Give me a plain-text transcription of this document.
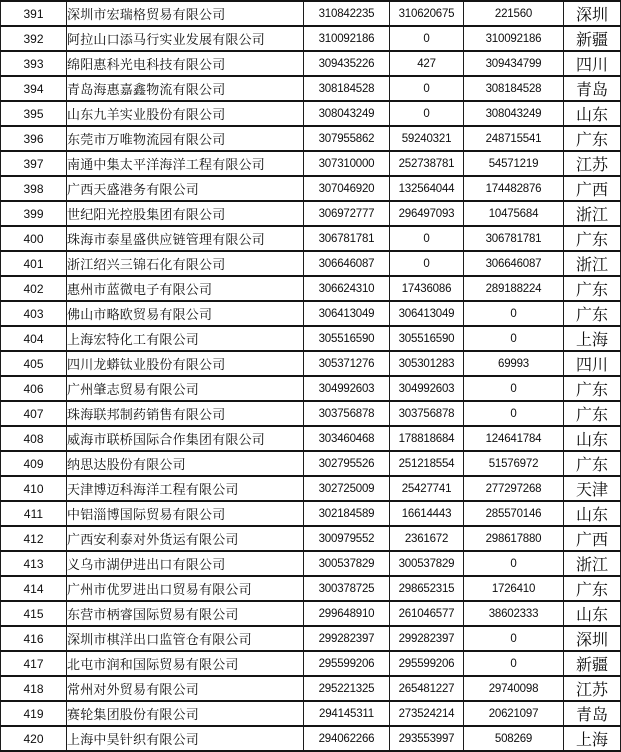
391	深圳市宏瑞格贸易有限公司	310842235	310620675	221560	深圳
392	阿拉山口添马行实业发展有限公司	310092186	0	310092186	新疆
393	绵阳惠科光电科技有限公司	309435226	427	309434799	四川
394	青岛海惠嘉鑫物流有限公司	308184528	0	308184528	青岛
395	山东九羊实业股份有限公司	308043249	0	308043249	山东
396	东莞市万唯物流园有限公司	307955862	59240321	248715541	广东
397	南通中集太平洋海洋工程有限公司	307310000	252738781	54571219	江苏
398	广西天盛港务有限公司	307046920	132564044	174482876	广西
399	世纪阳光控股集团有限公司	306972777	296497093	10475684	浙江
400	珠海市泰星盛供应链管理有限公司	306781781	0	306781781	广东
401	浙江绍兴三锦石化有限公司	306646087	0	306646087	浙江
402	惠州市蓝微电子有限公司	306624310	17436086	289188224	广东
403	佛山市略欧贸易有限公司	306413049	306413049	0	广东
404	上海宏特化工有限公司	305516590	305516590	0	上海
405	四川龙蟒钛业股份有限公司	305371276	305301283	69993	四川
406	广州肇志贸易有限公司	304992603	304992603	0	广东
407	珠海联邦制药销售有限公司	303756878	303756878	0	广东
408	威海市联桥国际合作集团有限公司	303460468	178818684	124641784	山东
409	纳思达股份有限公司	302795526	251218554	51576972	广东
410	天津博迈科海洋工程有限公司	302725009	25427741	277297268	天津
411	中铝淄博国际贸易有限公司	302184589	16614443	285570146	山东
412	广西安利泰对外货运有限公司	300979552	2361672	298617880	广西
413	义乌市湖伊进出口有限公司	300537829	300537829	0	浙江
414	广州市优罗进出口贸易有限公司	300378725	298652315	1726410	广东
415	东营市柄睿国际贸易有限公司	299648910	261046577	38602333	山东
416	深圳市棋洋出口监管仓有限公司	299282397	299282397	0	深圳
417	北屯市润和国际贸易有限公司	295599206	295599206	0	新疆
418	常州对外贸易有限公司	295221325	265481227	29740098	江苏
419	赛轮集团股份有限公司	294145311	273524214	20621097	青岛
420	上海中昊针织有限公司	294062266	293553997	508269	上海
